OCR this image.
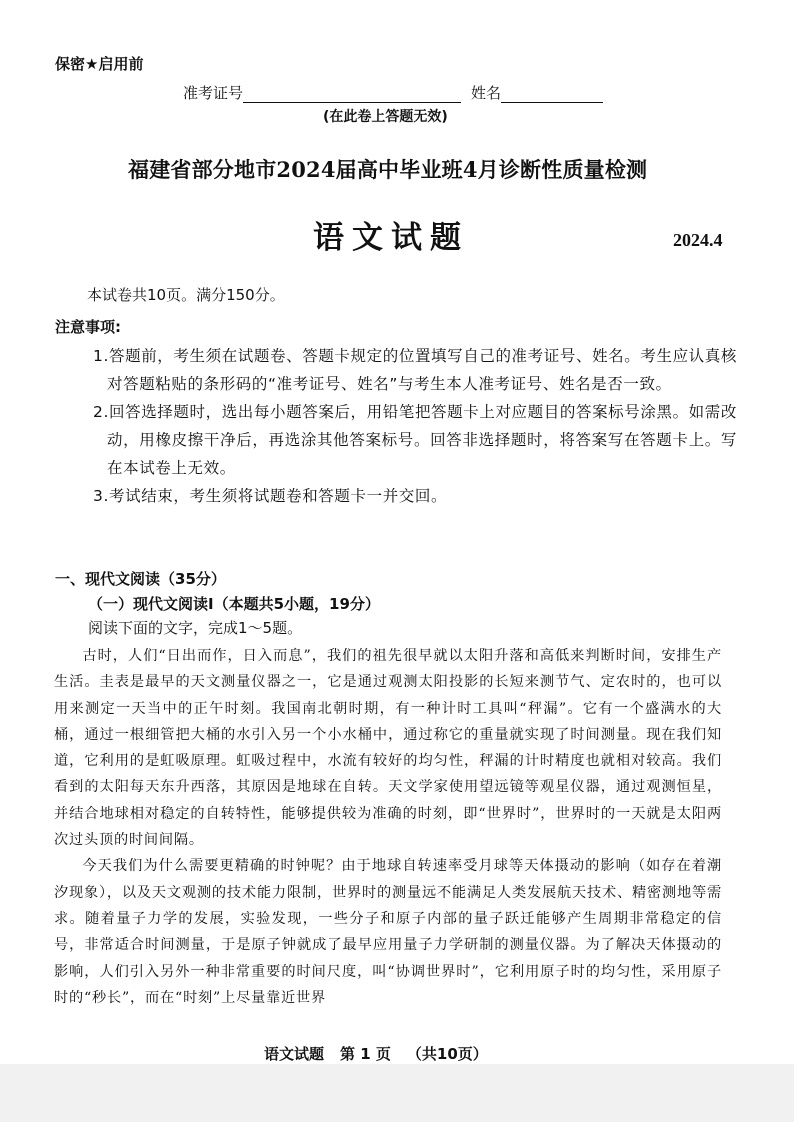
保密★启用前
准考证号	姓名
(在此卷上答题无效)
福建省部分地市2024届高中毕业班4月诊断性质量检测
语文试题	2024.4
本试卷共10页。满分150分。
注意事项:
1.答题前，考生须在试题卷、答题卡规定的位置填写自己的准考证号、姓名。考生应认真核对答题粘贴的条形码的“准考证号、姓名”与考生本人准考证号、姓名是否一致。
2.回答选择题时，选出每小题答案后，用铅笔把答题卡上对应题目的答案标号涂黑。如需改动，用橡皮擦干净后，再选涂其他答案标号。回答非选择题时，将答案写在答题卡上。写在本试卷上无效。
3.考试结束，考生须将试题卷和答题卡一并交回。
一、现代文阅读（35分）
（一）现代文阅读Ⅰ（本题共5小题，19分）
阅读下面的文字，完成1～5题。

古时，人们“日出而作，日入而息”，我们的祖先很早就以太阳升落和高低来判断时间，安排生产生活。圭表是最早的天文测量仪器之一，它是通过观测太阳投影的长短来测节气、定农时的，也可以用来测定一天当中的正午时刻。我国南北朝时期，有一种计时工具叫“秤漏”。它有一个盛满水的大桶，通过一根细管把大桶的水引入另一个小水桶中，通过称它的重量就实现了时间测量。现在我们知道，它利用的是虹吸原理。虹吸过程中，水流有较好的均匀性，秤漏的计时精度也就相对较高。我们看到的太阳每天东升西落，其原因是地球在自转。天文学家使用望远镜等观星仪器，通过观测恒星，并结合地球相对稳定的自转特性，能够提供较为准确的时刻，即“世界时”，世界时的一天就是太阳两次过头顶的时间间隔。

今天我们为什么需要更精确的时钟呢？由于地球自转速率受月球等天体摄动的影响（如存在着潮汐现象），以及天文观测的技术能力限制，世界时的测量远不能满足人类发展航天技术、精密测地等需求。随着量子力学的发展，实验发现，一些分子和原子内部的量子跃迁能够产生周期非常稳定的信号，非常适合时间测量，于是原子钟就成了最早应用量子力学研制的测量仪器。为了解决天体摄动的影响，人们引入另外一种非常重要的时间尺度，叫“协调世界时”，它利用原子时的均匀性，采用原子时的“秒长”，而在“时刻”上尽量靠近世界

语文试题 第 1 页 （共10页）
